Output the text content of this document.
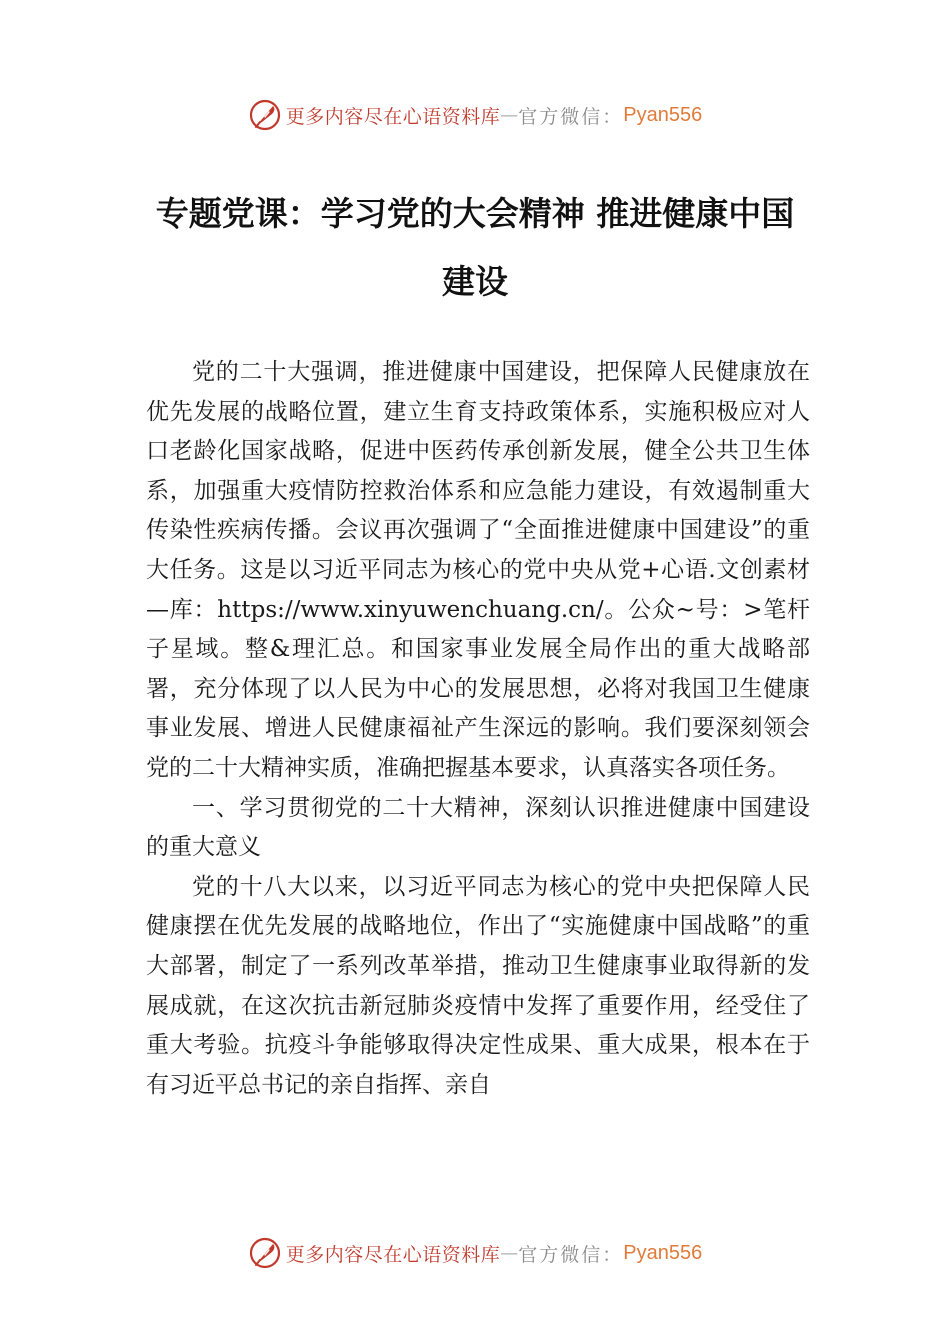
更多内容尽在心语资料库 — 官方微信： Pyan556
专题党课：学习党的大会精神 推进健康中国建设

党的二十大强调，推进健康中国建设，把保障人民健康放在优先发展的战略位置，建立生育支持政策体系，实施积极应对人口老龄化国家战略，促进中医药传承创新发展，健全公共卫生体系，加强重大疫情防控救治体系和应急能力建设，有效遏制重大传染性疾病传播。会议再次强调了“全面推进健康中国建设”的重大任务。这是以习近平同志为核心的党中央从党+心语.文创素材—库：https://www.xinyuwenchuang.cn/。公众~号：>笔杆子星域。整&理汇总。和国家事业发展全局作出的重大战略部署，充分体现了以人民为中心的发展思想，必将对我国卫生健康事业发展、增进人民健康福祉产生深远的影响。我们要深刻领会党的二十大精神实质，准确把握基本要求，认真落实各项任务。

一、学习贯彻党的二十大精神，深刻认识推进健康中国建设的重大意义

党的十八大以来，以习近平同志为核心的党中央把保障人民健康摆在优先发展的战略地位，作出了“实施健康中国战略”的重大部署，制定了一系列改革举措，推动卫生健康事业取得新的发展成就，在这次抗击新冠肺炎疫情中发挥了重要作用，经受住了重大考验。抗疫斗争能够取得决定性成果、重大成果，根本在于有习近平总书记的亲自指挥、亲自

更多内容尽在心语资料库 — 官方微信： Pyan556
